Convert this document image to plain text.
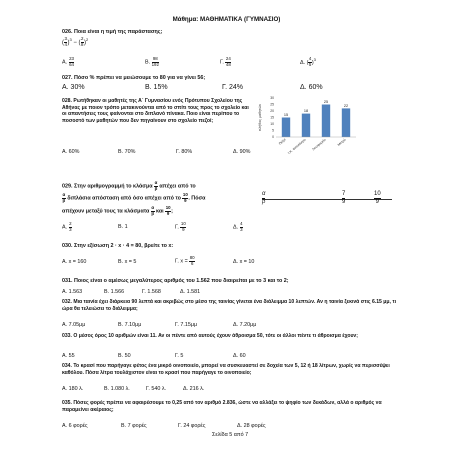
Μάθημα: ΜΑΘΗΜΑΤΙΚΑ (ΓΥΜΝΑΣΙΟ)
026. Ποια είναι η τιμή της παράστασης;
( $\frac{3}{4} )^3$ − ( $\frac{2}{8} )^2$
Α. $\frac{23}{64}$	Β. $\frac{98}{192}$	Γ. $\frac{24}{48}$	Δ. ( $\frac{4}{5} )^3$
027. Πόσο % πρέπει να μειώσουμε το 80 για να γίνει 56;
Α. 30%	Β. 15%	Γ. 24%	Δ. 60%
028. Ρωτήθηκαν οι μαθητές της Α΄ Γυμνασίου ενός Πρότυπου Σχολείου της Αθήνας με ποιον τρόπο μετακινούνται από το σπίτι τους προς το σχολείο και οι απαντήσεις τους φαίνονται στο διπλανό πίνακα. Ποιο είναι περίπου το ποσοστό των μαθητών που δεν πηγαίνουν στο σχολείο πεζοί;
Α. 60%	Β. 70%	Γ. 80%	Δ. 90%
πλήθος μαθητών
0
5
10
15
20
25
30
15
Πεζοί
18
Ι.Χ. αυτοκίνητο
25
Λεωφορείο
22
Μετρό
029. Στην αριθμογραμμή το κλάσμα $\frac{\alpha}{\beta}$ απέχει από το
$\frac{\alpha}{\beta}$ διπλάσια απόσταση από όσο απέχει από το $\frac{10}{9}$ . Πόσα
απέχουν μεταξύ τους τα κλάσματα $\frac{\alpha}{\beta}$ και $\frac{10}{9}$ ;
Α. $\frac{2}{3}$	Β. 1	Γ. $\frac{10}{9}$	Δ. $\frac{4}{3}$
α
β
7
9
10
9
030. Στην εξίσωση 2 · x · 4 = 80, βρείτε το x:
Α. x = 160	Β. x = 5	Γ. $x = \frac{80}{6}$	Δ. x = 10
031. Ποιος είναι ο αμέσως μεγαλύτερος αριθμός του 1.562 που διαιρείται με το 3 και το 2;
Α. 1.563	Β. 1.566	Γ. 1.568	Δ. 1.581
032. Μια ταινία έχει διάρκεια 90 λεπτά και ακριβώς στο μέσο της ταινίας γίνεται ένα διάλειμμα 10 λεπτών. Αν η ταινία ξεκινά στις 6.15 μμ, τι ώρα θα τελειώσει το διάλειμμα;
Α. 7.05μμ	Β. 7.10μμ	Γ. 7.15μμ	Δ. 7.20μμ
033. Ο μέσος όρος 10 αριθμών είναι 11. Αν οι πέντε από αυτούς έχουν άθροισμα 50, τότε οι άλλοι πέντε τι άθροισμα έχουν;
Α. 55	Β. 50	Γ. 5	Δ. 60
034. Το κρασί που παρήγαγε φέτος ένα μικρό οινοποιείο, μπορεί να συσκευαστεί σε δοχεία των 5, 12 ή 18 λίτρων, χωρίς να περισσέψει καθόλου. Πόσα λίτρα τουλάχιστον είναι το κρασί που παρήγαγε το οινοποιείο;
Α. 180 λ.	Β. 1.080 λ.	Γ. 540 λ.	Δ. 216 λ.
035. Πόσες φορές πρέπει να αφαιρέσουμε το 0,25 από τον αριθμό 2.836, ώστε να αλλάξει το ψηφίο των δεκάδων, αλλά ο αριθμός να παραμείνει ακέραιος;
Α. 6 φορές	Β. 7 φορές	Γ. 24 φορές	Δ. 28 φορές
Σελίδα 5 από 7
